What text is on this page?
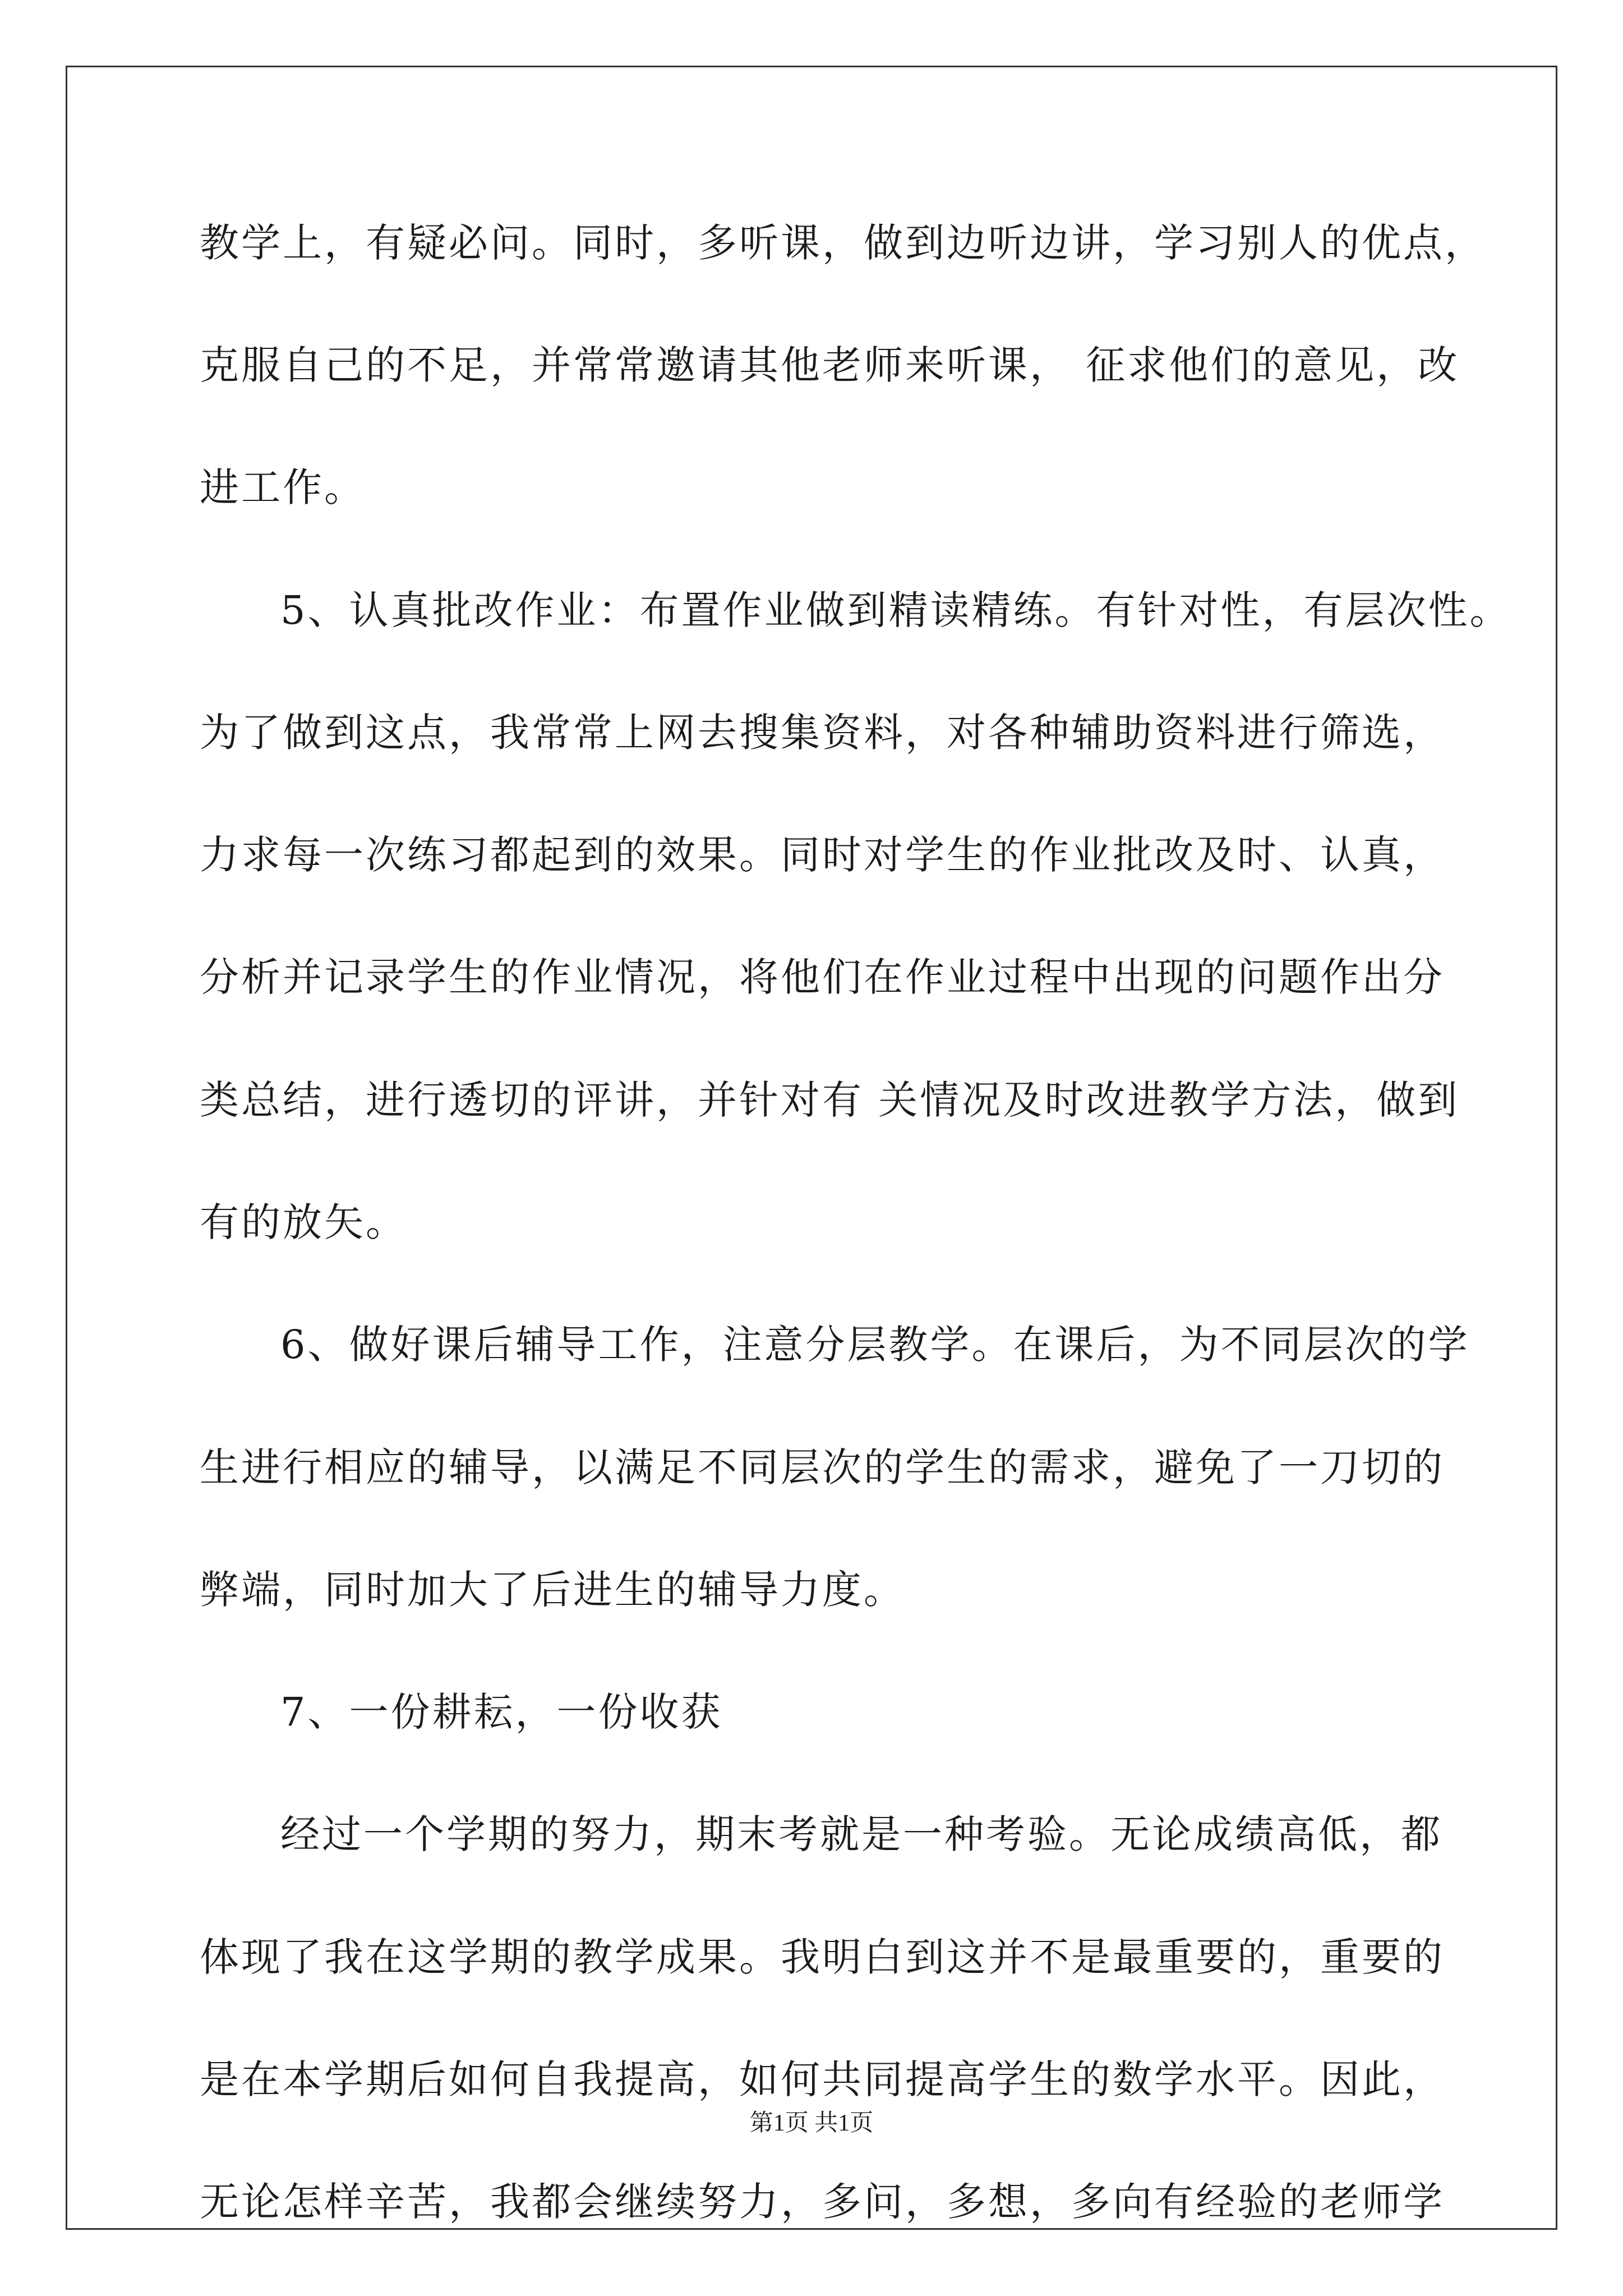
教学上，有疑必问。同时，多听课，做到边听边讲，学习别人的优点，
克服自己的不足，并常常邀请其他老师来听课， 征求他们的意见，改
进工作。
5、认真批改作业：布置作业做到精读精练。有针对性，有层次性。
为了做到这点，我常常上网去搜集资料，对各种辅助资料进行筛选，
力求每一次练习都起到的效果。同时对学生的作业批改及时、认真，
分析并记录学生的作业情况，将他们在作业过程中出现的问题作出分
类总结，进行透切的评讲，并针对有 关情况及时改进教学方法，做到
有的放矢。
6、做好课后辅导工作，注意分层教学。在课后，为不同层次的学
生进行相应的辅导，以满足不同层次的学生的需求，避免了一刀切的
弊端，同时加大了后进生的辅导力度。
7、一份耕耘，一份收获
经过一个学期的努力，期末考就是一种考验。无论成绩高低，都
体现了我在这学期的教学成果。我明白到这并不是最重要的，重要的
是在本学期后如何自我提高，如何共同提高学生的数学水平。因此，
无论怎样辛苦，我都会继续努力，多问，多想，多向有经验的老师学
第1页 共1页
